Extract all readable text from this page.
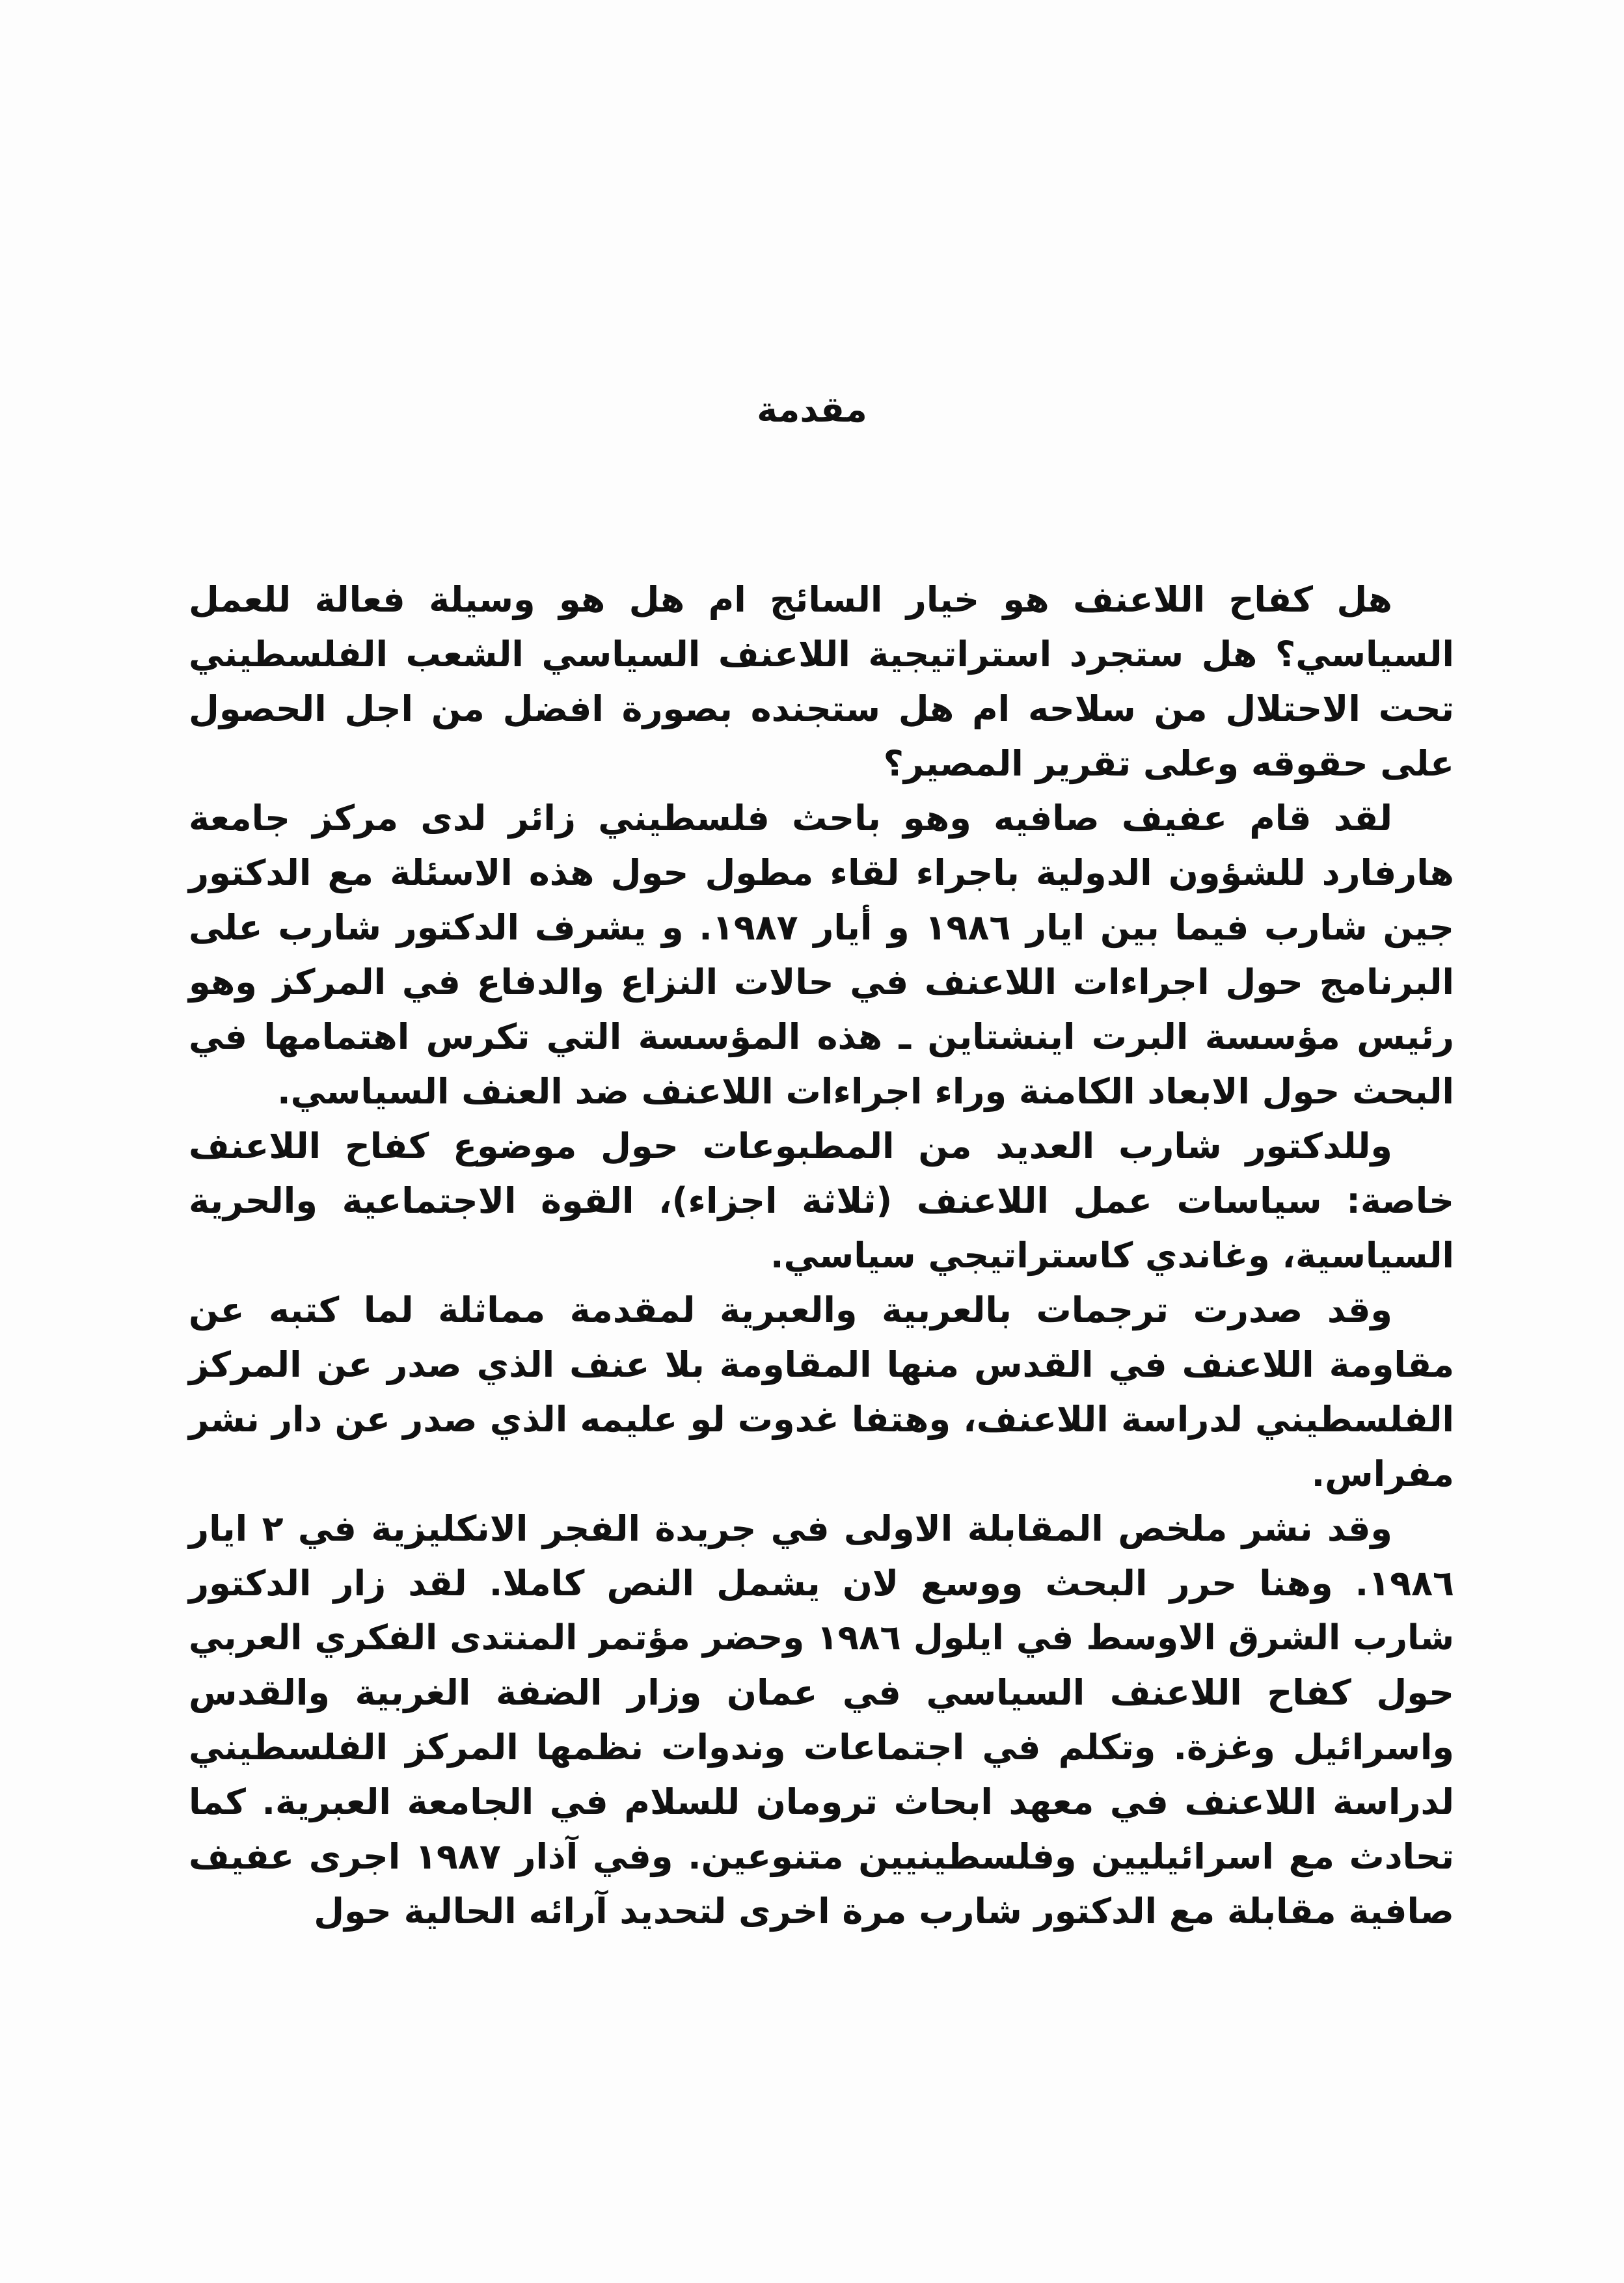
مقدمة

هل كفاح اللاعنف هو خيار السائج ام هل هو وسيلة فعالة للعمل
السياسي؟ هل ستجرد استراتيجية اللاعنف السياسي الشعب الفلسطيني
تحت الاحتلال من سلاحه ام هل ستجنده بصورة افضل من اجل الحصول
على حقوقه وعلى تقرير المصير؟

لقد قام عفيف صافيه وهو باحث فلسطيني زائر لدى مركز جامعة
هارفارد للشؤون الدولية باجراء لقاء مطول حول هذه الاسئلة مع الدكتور
جين شارب فيما بين ايار ١٩٨٦ و أيار ١٩٨٧. و يشرف الدكتور شارب على
البرنامج حول اجراءات اللاعنف في حالات النزاع والدفاع في المركز وهو
رئيس مؤسسة البرت اينشتاين ـ هذه المؤسسة التي تكرس اهتمامها في
البحث حول الابعاد الكامنة وراء اجراءات اللاعنف ضد العنف السياسي.

وللدكتور شارب العديد من المطبوعات حول موضوع كفاح اللاعنف
خاصة: سياسات عمل اللاعنف (ثلاثة اجزاء)، القوة الاجتماعية والحرية
السياسية، وغاندي كاستراتيجي سياسي.

وقد صدرت ترجمات بالعربية والعبرية لمقدمة مماثلة لما كتبه عن
مقاومة اللاعنف في القدس منها المقاومة بلا عنف الذي صدر عن المركز
الفلسطيني لدراسة اللاعنف، وهتفا غدوت لو عليمه الذي صدر عن دار نشر
مفراس.

وقد نشر ملخص المقابلة الاولى في جريدة الفجر الانكليزية في ٢ ايار
١٩٨٦. وهنا حرر البحث ووسع لان يشمل النص كاملا. لقد زار الدكتور
شارب الشرق الاوسط في ايلول ١٩٨٦ وحضر مؤتمر المنتدى الفكري العربي
حول كفاح اللاعنف السياسي في عمان وزار الضفة الغربية والقدس
واسرائيل وغزة. وتكلم في اجتماعات وندوات نظمها المركز الفلسطيني
لدراسة اللاعنف في معهد ابحاث ترومان للسلام في الجامعة العبرية. كما
تحادث مع اسرائيليين وفلسطينيين متنوعين. وفي آذار ١٩٨٧ اجرى عفيف
صافية مقابلة مع الدكتور شارب مرة اخرى لتحديد آرائه الحالية حول
